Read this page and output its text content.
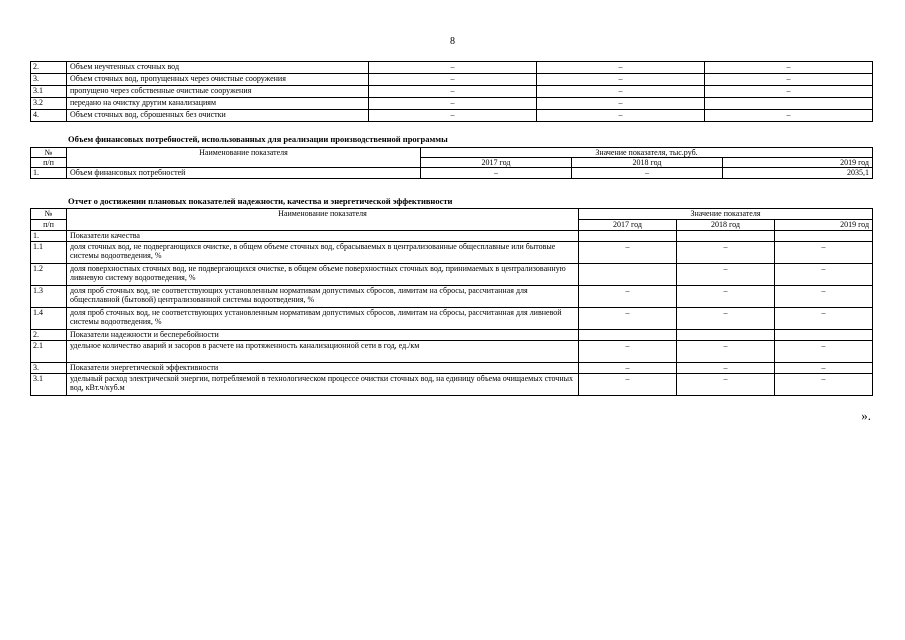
8
2.	Объем неучтенных сточных вод	–	–	–
3.	Объем сточных вод, пропущенных через очистные сооружения	–	–	–
3.1	пропущено через собственные очистные сооружения	–	–	–
3.2	передано на очистку другим канализациям	–	–	
4.	Объем сточных вод, сброшенных без очистки	–	–	–
Объем финансовых потребностей, использованных для реализации производственной программы
№	Наименование показателя	Значение показателя, тыс.руб.		
п/п		2017 год	2018 год	2019 год
1.	Объем финансовых потребностей	–	–	2035,1
Отчет о достижении плановых показателей надежности, качества и энергетической эффективности
№	Наименование показателя	Значение показателя		
п/п		2017 год	2018 год	2019 год
1.	Показатели качества			
1.1	доля сточных вод, не подвергающихся очистке, в общем объеме сточных вод, сбрасываемых в централизованные общесплавные или бытовые системы водоотведения, %	–	–	–
1.2	доля поверхностных сточных вод, не подвергающихся очистке, в общем объеме поверхностных сточных вод, принимаемых в централизованную ливневую систему водоотведения, %		–	–
1.3	доля проб сточных вод, не соответствующих установленным нормативам допустимых сбросов, лимитам на сбросы, рассчитанная для общесплавной (бытовой) централизованной системы водоотведения, %	–	–	–
1.4	доля проб сточных вод, не соответствующих установленным нормативам допустимых сбросов, лимитам на сбросы, рассчитанная для ливневой системы водоотведения, %	–	–	–
2.	Показатели надежности и бесперебойности			
2.1	удельное количество аварий и засоров в расчете на протяженность канализационной сети в год, ед./км	–	–	–
3.	Показатели энергетической эффективности	–	–	–
3.1	удельный расход электрической энергии, потребляемой в технологическом процессе очистки сточных вод, на единицу объема очищаемых сточных вод, кВт.ч/куб.м	–	–	–
».
